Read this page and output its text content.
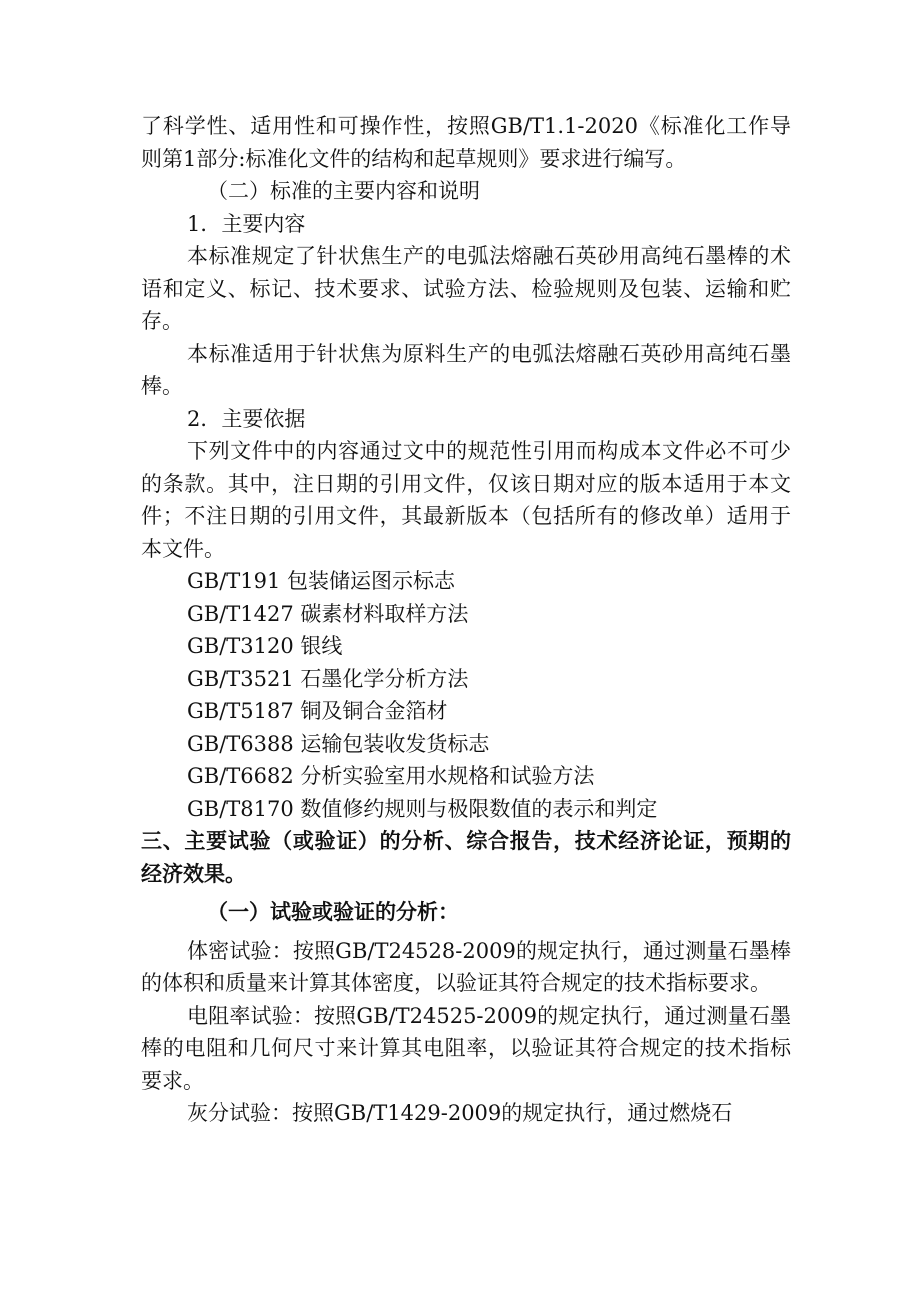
了科学性、适用性和可操作性，按照GB/T1.1-2020《标准化工作导则第1部分:标准化文件的结构和起草规则》要求进行编写。

（二）标准的主要内容和说明

1．主要内容

本标准规定了针状焦生产的电弧法熔融石英砂用高纯石墨棒的术语和定义、标记、技术要求、试验方法、检验规则及包装、运输和贮存。

本标准适用于针状焦为原料生产的电弧法熔融石英砂用高纯石墨棒。

2．主要依据

下列文件中的内容通过文中的规范性引用而构成本文件必不可少的条款。其中，注日期的引用文件，仅该日期对应的版本适用于本文件；不注日期的引用文件，其最新版本（包括所有的修改单）适用于本文件。

GB/T191 包装储运图示标志

GB/T1427 碳素材料取样方法

GB/T3120 银线

GB/T3521 石墨化学分析方法

GB/T5187 铜及铜合金箔材

GB/T6388 运输包装收发货标志

GB/T6682 分析实验室用水规格和试验方法

GB/T8170 数值修约规则与极限数值的表示和判定

三、主要试验（或验证）的分析、综合报告，技术经济论证，预期的经济效果。

（一）试验或验证的分析：

体密试验：按照GB/T24528-2009的规定执行，通过测量石墨棒的体积和质量来计算其体密度，以验证其符合规定的技术指标要求。

电阻率试验：按照GB/T24525-2009的规定执行，通过测量石墨棒的电阻和几何尺寸来计算其电阻率，以验证其符合规定的技术指标要求。

灰分试验：按照GB/T1429-2009的规定执行，通过燃烧石
